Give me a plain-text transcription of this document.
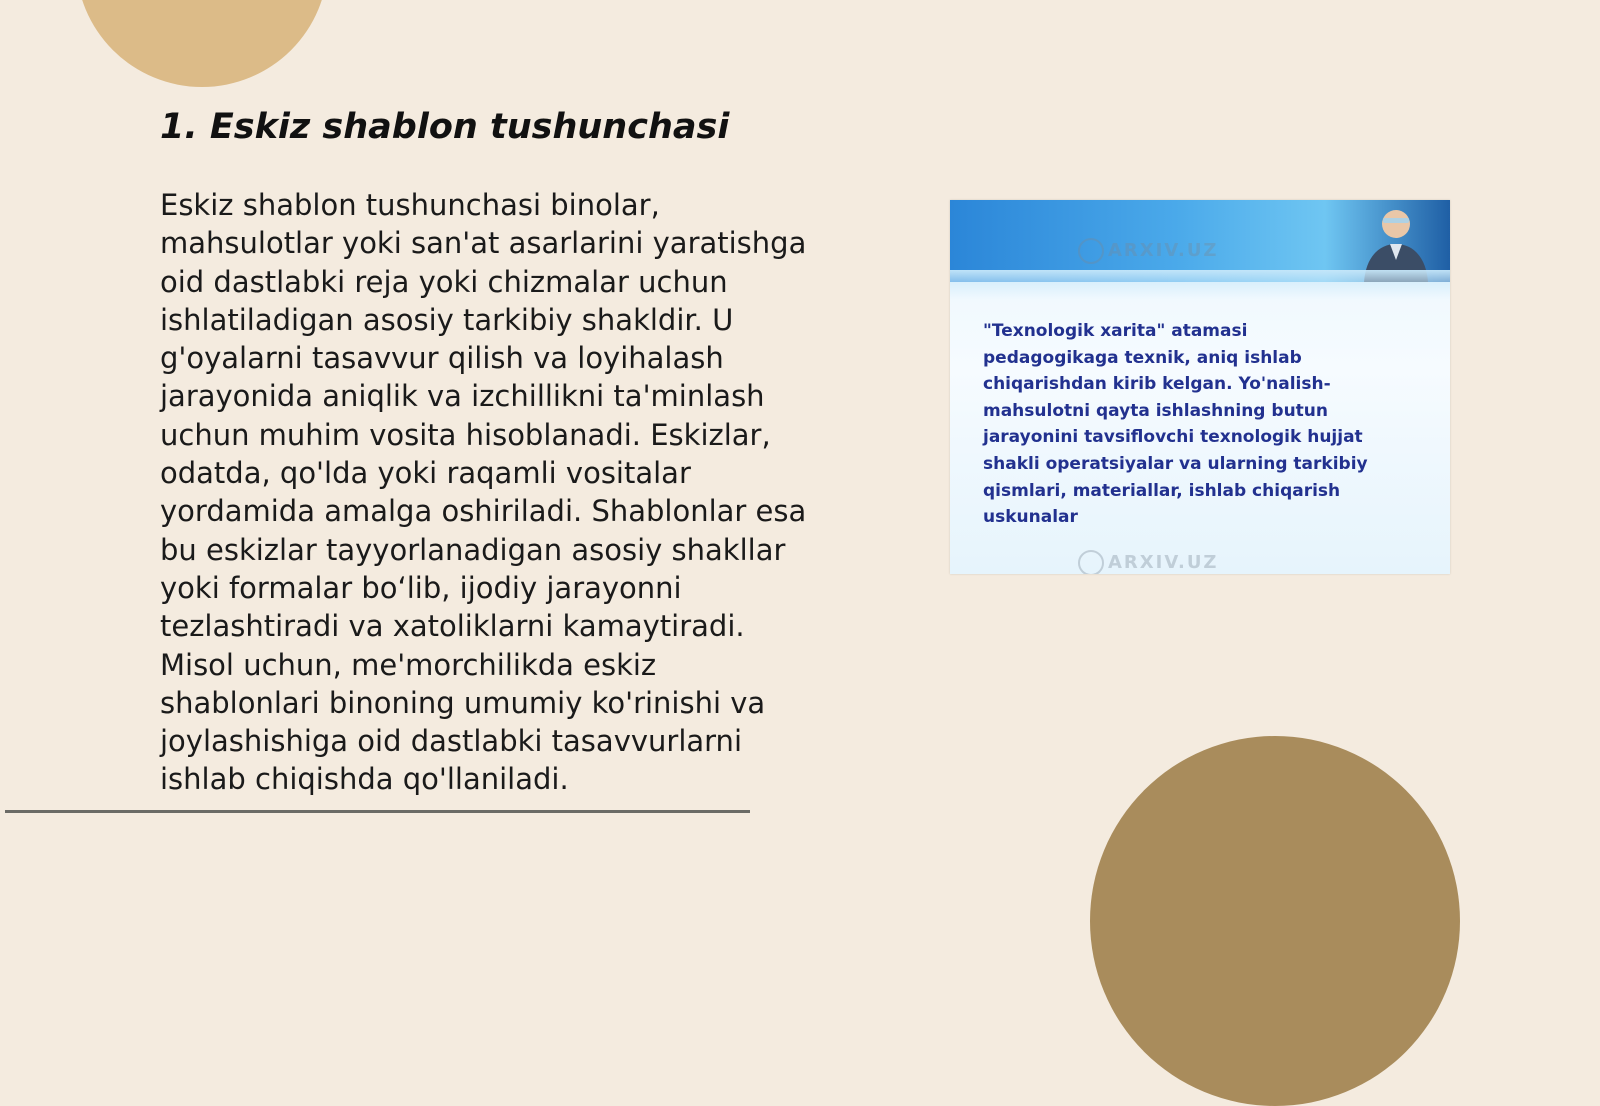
1. Eskiz shablon tushunchasi

Eskiz shablon tushunchasi binolar,
mahsulotlar yoki san'at asarlarini yaratishga
oid dastlabki reja yoki chizmalar uchun
ishlatiladigan asosiy tarkibiy shakldir. U
g'oyalarni tasavvur qilish va loyihalash
jarayonida aniqlik va izchillikni ta'minlash
uchun muhim vosita hisoblanadi. Eskizlar,
odatda, qo'lda yoki raqamli vositalar
yordamida amalga oshiriladi. Shablonlar esa
bu eskizlar tayyorlanadigan asosiy shakllar
yoki formalar bo‘lib, ijodiy jarayonni
tezlashtiradi va xatoliklarni kamaytiradi.
Misol uchun, me'morchilikda eskiz
shablonlari binoning umumiy ko'rinishi va
joylashishiga oid dastlabki tasavvurlarni
ishlab chiqishda qo'llaniladi.

ARXIV.UZ

"Texnologik xarita" atamasi
pedagogikaga texnik, aniq ishlab
chiqarishdan kirib kelgan. Yo'nalish-
mahsulotni qayta ishlashning butun
jarayonini tavsiflovchi texnologik hujjat
shakli operatsiyalar va ularning tarkibiy
qismlari, materiallar, ishlab chiqarish
uskunalar

ARXIV.UZ
